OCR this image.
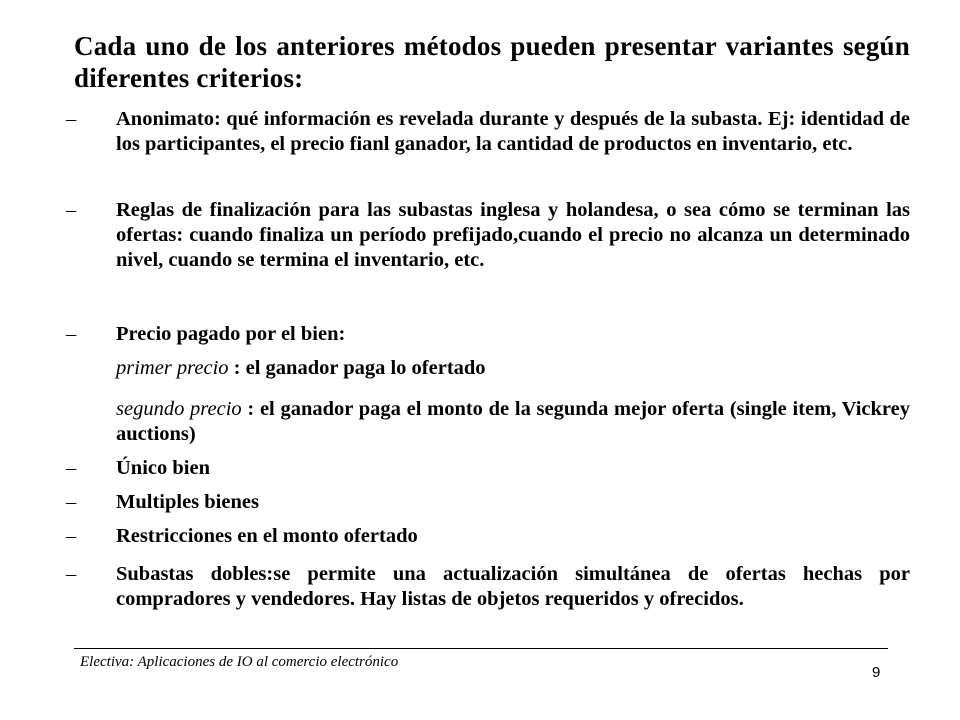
Cada uno de los anteriores métodos pueden presentar variantes según diferentes criterios:
– Anonimato: qué información es revelada durante y después de la subasta. Ej: identidad de los participantes, el precio fianl ganador, la cantidad de productos en inventario, etc.
– Reglas de finalización para las subastas inglesa y holandesa, o sea cómo se terminan las ofertas: cuando finaliza un período prefijado,cuando el precio no alcanza un determinado nivel, cuando se termina el inventario, etc.
– Precio pagado por el bien:
primer precio : el ganador paga lo ofertado
segundo precio : el ganador paga el monto de la segunda mejor oferta (single item, Vickrey auctions)
– Único bien
– Multiples bienes
– Restricciones en el monto ofertado
– Subastas dobles:se permite una actualización simultánea de ofertas hechas por compradores y vendedores. Hay listas de objetos requeridos y ofrecidos.
Electiva: Aplicaciones de IO al comercio electrónico
9
